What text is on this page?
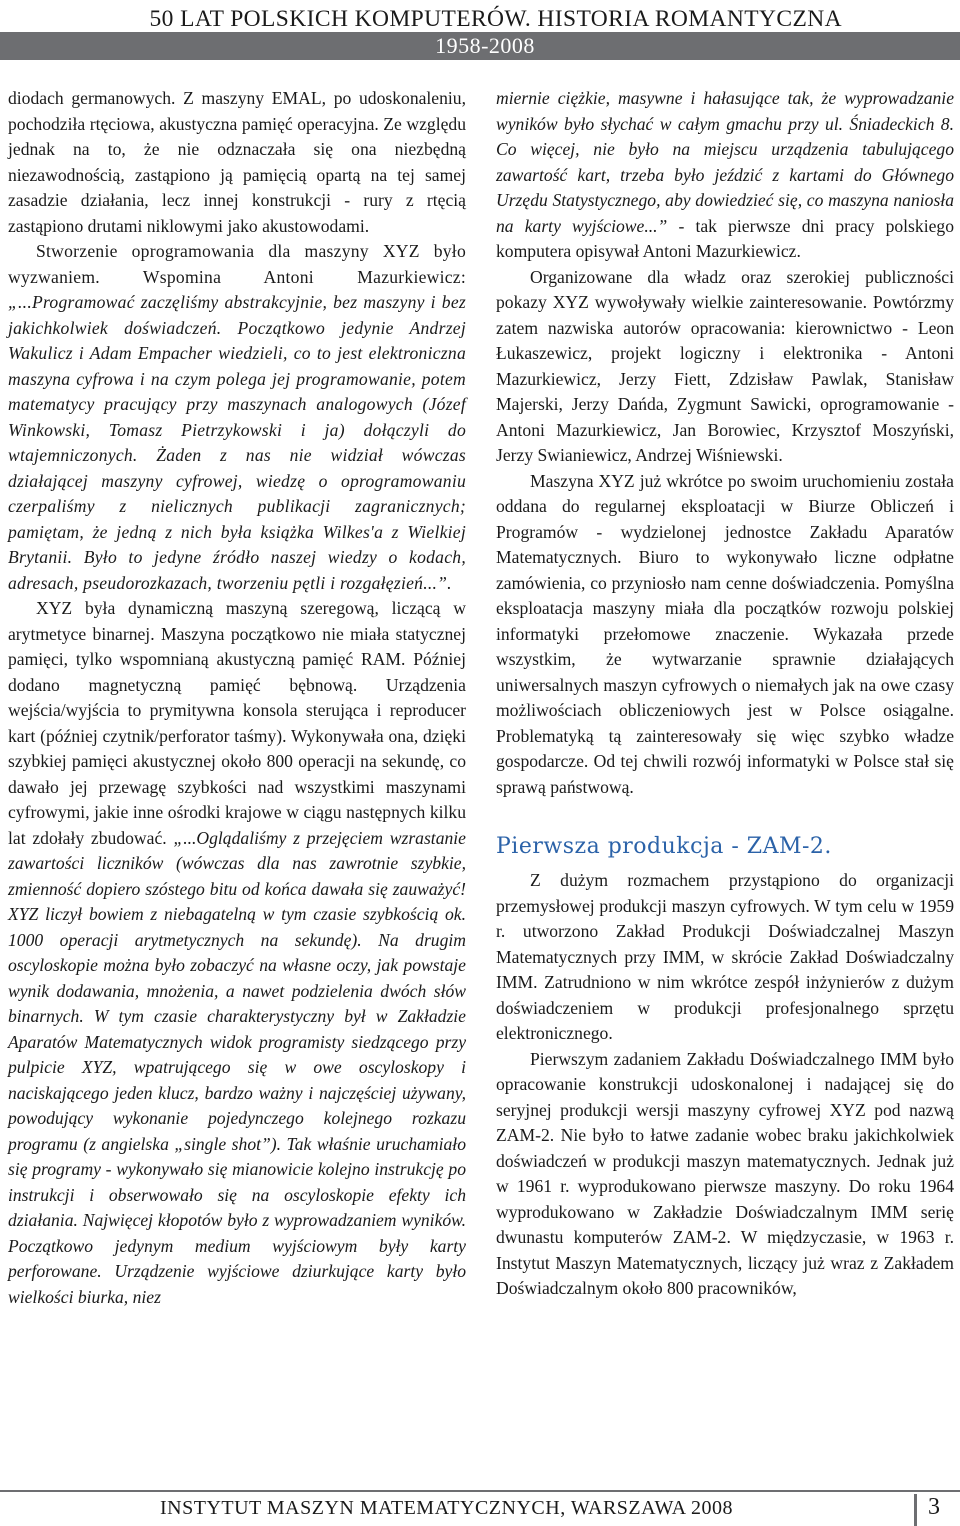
50 LAT POLSKICH KOMPUTERÓW. HISTORIA ROMANTYCZNA
1958-2008

diodach germanowych. Z maszyny EMAL, po udoskonaleniu, pochodziła rtęciowa, akustyczna pamięć operacyjna. Ze względu jednak na to, że nie odznaczała się ona niezbędną niezawodnością, zastąpiono ją pamięcią opartą na tej samej zasadzie działania, lecz innej konstrukcji - rury z rtęcią zastąpiono drutami niklowymi jako akustowodami.

Stworzenie oprogramowania dla maszyny XYZ było wyzwaniem. Wspomina Antoni Mazurkiewicz: „...Programować zaczęliśmy abstrakcyjnie, bez maszyny i bez jakichkolwiek doświadczeń. Początkowo jedynie Andrzej Wakulicz i Adam Empacher wiedzieli, co to jest elektroniczna maszyna cyfrowa i na czym polega jej programowanie, potem matematycy pracujący przy maszynach analogowych (Józef Winkowski, Tomasz Pietrzykowski i ja) dołączyli do wtajemniczonych. Żaden z nas nie widział wówczas działającej maszyny cyfrowej, wiedzę o oprogramowaniu czerpaliśmy z nielicznych publikacji zagranicznych; pamiętam, że jedną z nich była książka Wilkes'a z Wielkiej Brytanii. Było to jedyne źródło naszej wiedzy o kodach, adresach, pseudorozkazach, tworzeniu pętli i rozgałęzień...”.

XYZ była dynamiczną maszyną szeregową, liczącą w arytmetyce binarnej. Maszyna początkowo nie miała statycznej pamięci, tylko wspomnianą akustyczną pamięć RAM. Później dodano magnetyczną pamięć bębnową. Urządzenia wejścia/wyjścia to prymitywna konsola sterująca i reproducer kart (później czytnik/perforator taśmy). Wykonywała ona, dzięki szybkiej pamięci akustycznej około 800 operacji na sekundę, co dawało jej przewagę szybkości nad wszystkimi maszynami cyfrowymi, jakie inne ośrodki krajowe w ciągu następnych kilku lat zdołały zbudować. „...Oglądaliśmy z przejęciem wzrastanie zawartości liczników (wówczas dla nas zawrotnie szybkie, zmienność dopiero szóstego bitu od końca dawała się zauważyć! XYZ liczył bowiem z niebagatelną w tym czasie szybkością ok. 1000 operacji arytmetycznych na sekundę). Na drugim oscyloskopie można było zobaczyć na własne oczy, jak powstaje wynik dodawania, mnożenia, a nawet podzielenia dwóch słów binarnych. W tym czasie charakterystyczny był w Zakładzie Aparatów Matematycznych widok programisty siedzącego przy pulpicie XYZ, wpatrującego się w owe oscyloskopy i naciskającego jeden klucz, bardzo ważny i najczęściej używany, powodujący wykonanie pojedynczego kolejnego rozkazu programu (z angielska „single shot”). Tak właśnie uruchamiało się programy - wykonywało się mianowicie kolejno instrukcję po instrukcji i obserwowało się na oscyloskopie efekty ich działania. Najwięcej kłopotów było z wyprowadzaniem wyników. Początkowo jedynym medium wyjściowym były karty perforowane. Urządzenie wyjściowe dziurkujące karty było wielkości biurka, niez

miernie ciężkie, masywne i hałasujące tak, że wyprowadzanie wyników było słychać w całym gmachu przy ul. Śniadeckich 8. Co więcej, nie było na miejscu urządzenia tabulującego zawartość kart, trzeba było jeździć z kartami do Głównego Urzędu Statystycznego, aby dowiedzieć się, co maszyna naniosła na karty wyjściowe...” - tak pierwsze dni pracy polskiego komputera opisywał Antoni Mazurkiewicz.

Organizowane dla władz oraz szerokiej publiczności pokazy XYZ wywoływały wielkie zainteresowanie. Powtórzmy zatem nazwiska autorów opracowania: kierownictwo - Leon Łukaszewicz, projekt logiczny i elektronika - Antoni Mazurkiewicz, Jerzy Fiett, Zdzisław Pawlak, Stanisław Majerski, Jerzy Dańda, Zygmunt Sawicki, oprogramowanie - Antoni Mazurkiewicz, Jan Borowiec, Krzysztof Moszyński, Jerzy Swianiewicz, Andrzej Wiśniewski.

Maszyna XYZ już wkrótce po swoim uruchomieniu została oddana do regularnej eksploatacji w Biurze Obliczeń i Programów - wydzielonej jednostce Zakładu Aparatów Matematycznych. Biuro to wykonywało liczne odpłatne zamówienia, co przyniosło nam cenne doświadczenia. Pomyślna eksploatacja maszyny miała dla początków rozwoju polskiej informatyki przełomowe znaczenie. Wykazała przede wszystkim, że wytwarzanie sprawnie działających uniwersalnych maszyn cyfrowych o niemałych jak na owe czasy możliwościach obliczeniowych jest w Polsce osiągalne. Problematyką tą zainteresowały się więc szybko władze gospodarcze. Od tej chwili rozwój informatyki w Polsce stał się sprawą państwową.

Pierwsza produkcja - ZAM-2.

Z dużym rozmachem przystąpiono do organizacji przemysłowej produkcji maszyn cyfrowych. W tym celu w 1959 r. utworzono Zakład Produkcji Doświadczalnej Maszyn Matematycznych przy IMM, w skrócie Zakład Doświadczalny IMM. Zatrudniono w nim wkrótce zespół inżynierów z dużym doświadczeniem w produkcji profesjonalnego sprzętu elektronicznego.

Pierwszym zadaniem Zakładu Doświadczalnego IMM było opracowanie konstrukcji udoskonalonej i nadającej się do seryjnej produkcji wersji maszyny cyfrowej XYZ pod nazwą ZAM-2. Nie było to łatwe zadanie wobec braku jakichkolwiek doświadczeń w produkcji maszyn matematycznych. Jednak już w 1961 r. wyprodukowano pierwsze maszyny. Do roku 1964 wyprodukowano w Zakładzie Doświadczalnym IMM serię dwunastu komputerów ZAM-2. W międzyczasie, w 1963 r. Instytut Maszyn Matematycznych, liczący już wraz z Zakładem Doświadczalnym około 800 pracowników,

INSTYTUT MASZYN MATEMATYCZNYCH, WARSZAWA 2008	3
